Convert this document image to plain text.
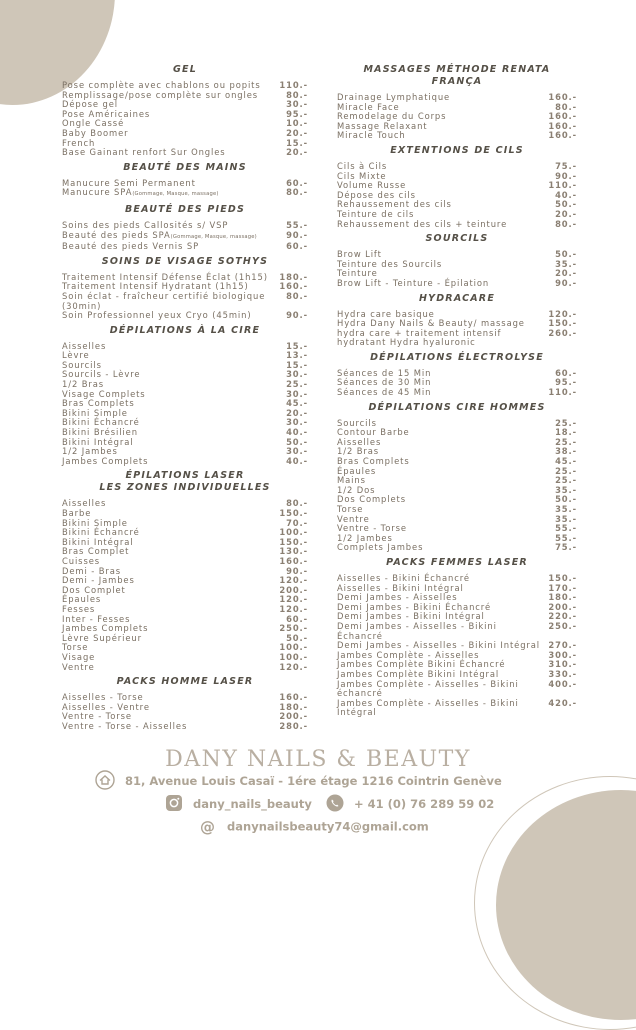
GEL
Pose complète avec chablons ou popits	110.-
Remplissage/pose complète sur ongles	80.-
Dépose gel	30.-
Pose Américaines	95.-
Ongle Cassé	10.-
Baby Boomer	20.-
French	15.-
Base Gainant renfort Sur Ongles	20.-
BEAUTÉ DES MAINS
Manucure Semi Permanent	60.-
Manucure SPA(Gommage, Masque, massage)	80.-
BEAUTÉ DES PIEDS
Soins des pieds Callosités s/ VSP	55.-
Beauté des pieds SPA(Gommage, Masque, massage)	90.-
Beauté des pieds Vernis SP	60.-
SOINS DE VISAGE SOTHYS
Traitement Intensif Défense Éclat (1h15)	180.-
Traitement Intensif Hydratant (1h15)	160.-
Soin éclat - fraîcheur certifié biologique (30min)
80.-
Soin Professionnel yeux Cryo (45min)	90.-
DÉPILATIONS À LA CIRE
Aisselles	15.-
Lèvre	13.-
Sourcils	15.-
Sourcils - Lèvre	30.-
1/2 Bras	25.-
Visage Complets	30.-
Bras Complets	45.-
Bikini Simple	20.-
Bikini Échancré	30.-
Bikini Brésilien	40.-
Bikini Intégral	50.-
1/2 Jambes	30.-
Jambes Complets	40.-
ÉPILATIONS LASER
LES ZONES INDIVIDUELLES
Aisselles	80.-
Barbe	150.-
Bikini Simple	70.-
Bikini Échancré	100.-
Bikini Intégral	150.-
Bras Complet	130.-
Cuisses	160.-
Demi - Bras	90.-
Demi - Jambes	120.-
Dos Complet	200.-
Épaules	120.-
Fesses	120.-
Inter - Fesses	60.-
Jambes Complets	250.-
Lèvre Supérieur	50.-
Torse	100.-
Visage	100.-
Ventre	120.-
PACKS HOMME LASER
Aisselles - Torse	160.-
Aisselles - Ventre	180.-
Ventre - Torse	200.-
Ventre - Torse - Aisselles	280.-
MASSAGES MÉTHODE RENATA FRANÇA
Drainage Lymphatique	160.-
Miracle Face	80.-
Remodelage du Corps	160.-
Massage Relaxant	160.-
Miracle Touch	160.-
EXTENTIONS DE CILS
Cils à Cils	75.-
Cils Mixte	90.-
Volume Russe	110.-
Dépose des cils	40.-
Rehaussement des cils	50.-
Teinture de cils	20.-
Rehaussement des cils + teinture	80.-
SOURCILS
Brow Lift	50.-
Teinture des Sourcils	35.-
Teinture	20.-
Brow Lift - Teinture - Épilation	90.-
HYDRACARE
Hydra care basique	120.-
Hydra Dany Nails & Beauty/ massage	150.-
hydra care + traitement intensif hydratant Hydra hyaluronic
260.-
DÉPILATIONS ÉLECTROLYSE
Séances de 15 Min	60.-
Séances de 30 Min	95.-
Séances de 45 Min	110.-
DÉPILATIONS CIRE HOMMES
Sourcils	25.-
Contour Barbe	18.-
Aisselles	25.-
1/2 Bras	38.-
Bras Complets	45.-
Épaules	25.-
Mains	25.-
1/2 Dos	35.-
Dos Complets	50.-
Torse	35.-
Ventre	35.-
Ventre - Torse	55.-
1/2 Jambes	55.-
Complets Jambes	75.-
PACKS FEMMES LASER
Aisselles - Bikini Échancré	150.-
Aisselles - Bikini Intégral	170.-
Demi Jambes - Aisselles	180.-
Demi Jambes - Bikini Échancré	200.-
Demi Jambes - Bikini Intégral	220.-
Demi Jambes - Aisselles - Bikini Échancré
250.-
Demi Jambes - Aisselles - Bikini Intégral 270.-
Jambes Complète - Aisselles	300.-
Jambes Complète Bikini Échancré	310.-
Jambes Complète Bikini Intégral	330.-
Jambes Complète - Aisselles - Bikini échancré
400.-
Jambes Complète - Aisselles - Bikini Intégral
420.-
DANY NAILS & BEAUTY
81, Avenue Louis Casaï - 1ére étage 1216 Cointrin Genève
dany_nails_beauty	+ 41 (0) 76 289 59 02
@ danynailsbeauty74@gmail.com
